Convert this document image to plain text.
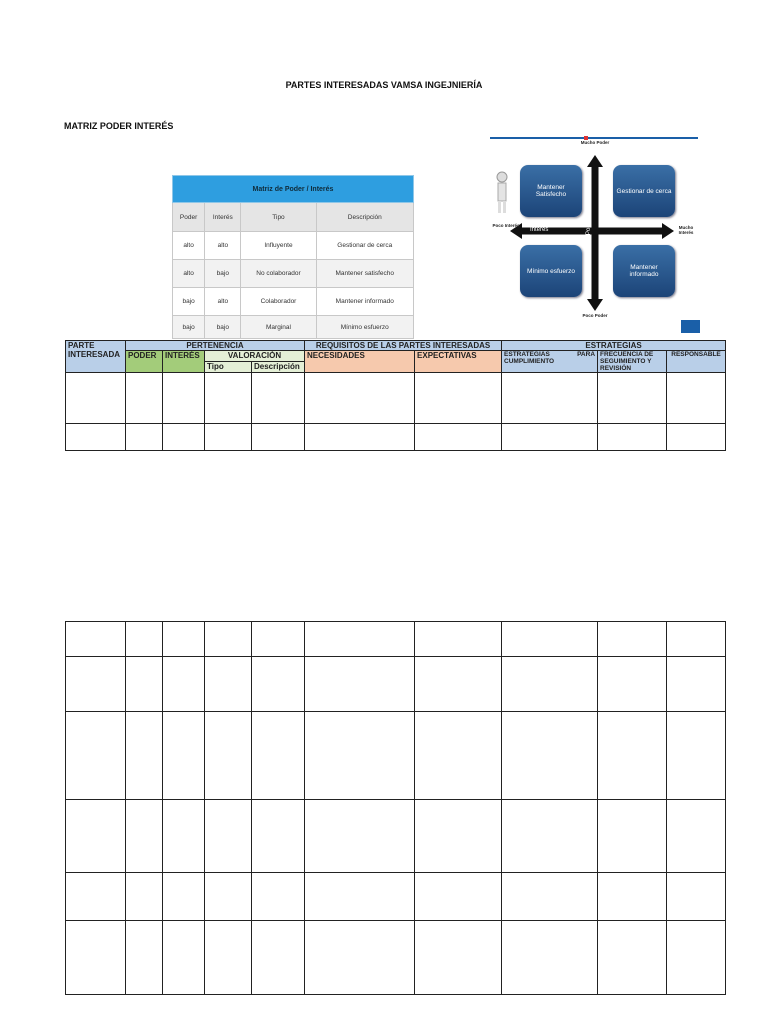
PARTES INTERESADAS VAMSA INGEJNIERÍA
MATRIZ PODER INTERÉS
Matriz de Poder / Interés			
Poder	Interés	Tipo	Descripción
alto	alto	Influyente	Gestionar de cerca
alto	bajo	No colaborador	Mantener satisfecho
bajo	alto	Colaborador	Mantener informado
bajo	bajo	Marginal	Mínimo esfuerzo
Mucho Poder
Poco Poder
Poco Interés	Mucho Interés
Interés	Poder
Mantener Satisfecho	Gestionar de cerca
Mínimo esfuerzo	Mantener informado
PARTE INTERESADA	PERTENENCIA				REQUISITOS DE LAS PARTES INTERESADAS		ESTRATEGIAS		
	PODER	INTERÉS	VALORACIÓN		NECESIDADES	EXPECTATIVAS	ESTRATEGIAS PARA CUMPLIMIENTO	FRECUENCIA DE SEGUIMIENTO Y REVISIÓN	RESPONSABLE
			Tipo	Descripción					
